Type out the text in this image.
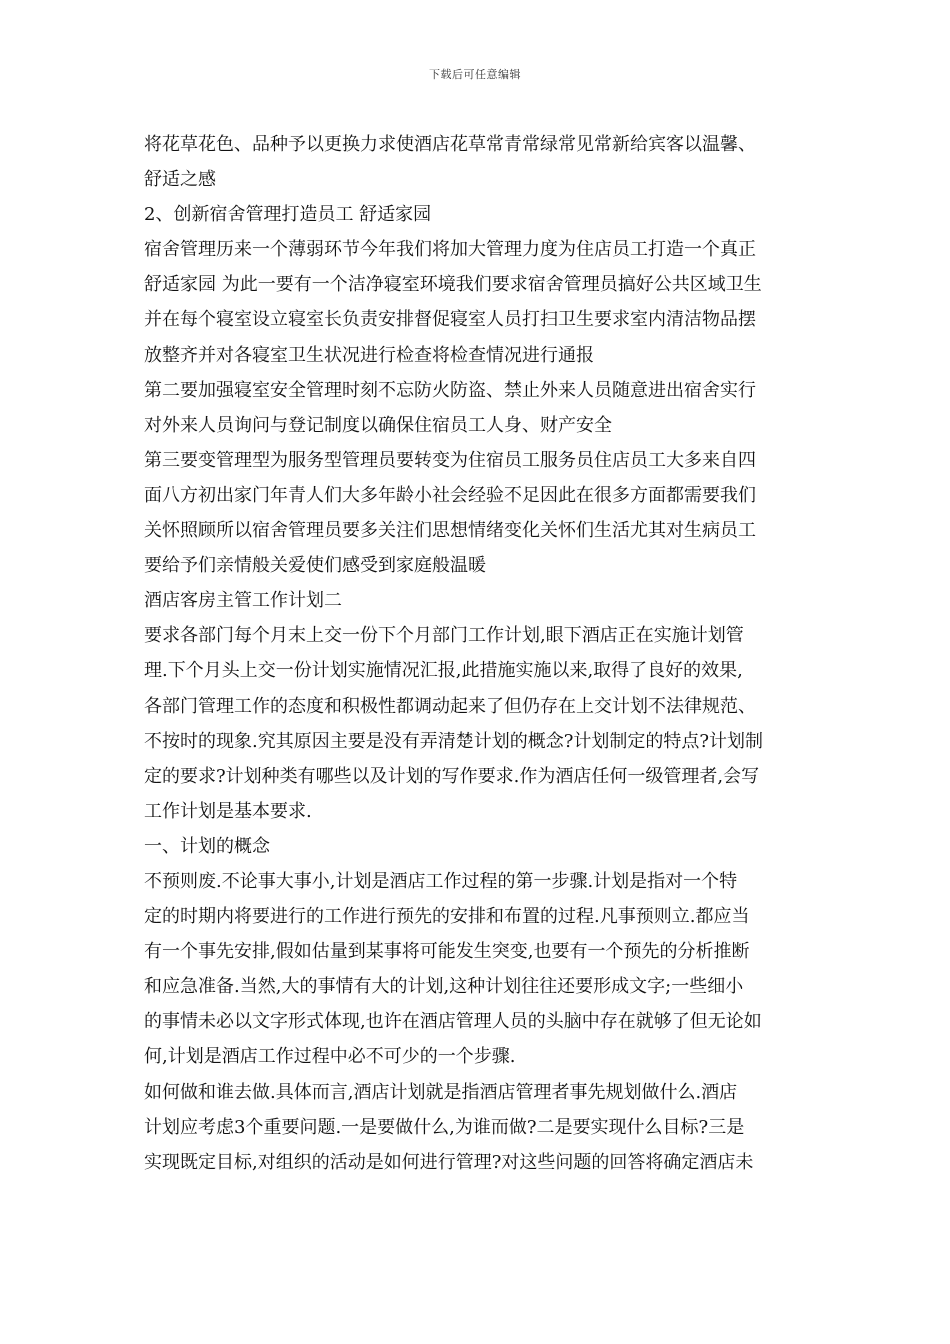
下载后可任意编辑
将花草花色、品种予以更换力求使酒店花草常青常绿常见常新给宾客以温馨、
舒适之感
2、创新宿舍管理打造员工 舒适家园
宿舍管理历来一个薄弱环节今年我们将加大管理力度为住店员工打造一个真正
舒适家园 为此一要有一个洁净寝室环境我们要求宿舍管理员搞好公共区域卫生
并在每个寝室设立寝室长负责安排督促寝室人员打扫卫生要求室内清洁物品摆
放整齐并对各寝室卫生状况进行检查将检查情况进行通报
第二要加强寝室安全管理时刻不忘防火防盗、禁止外来人员随意进出宿舍实行
对外来人员询问与登记制度以确保住宿员工人身、财产安全
第三要变管理型为服务型管理员要转变为住宿员工服务员住店员工大多来自四
面八方初出家门年青人们大多年龄小社会经验不足因此在很多方面都需要我们
关怀照顾所以宿舍管理员要多关注们思想情绪变化关怀们生活尤其对生病员工
要给予们亲情般关爱使们感受到家庭般温暖
酒店客房主管工作计划二
要求各部门每个月末上交一份下个月部门工作计划,眼下酒店正在实施计划管
理.下个月头上交一份计划实施情况汇报,此措施实施以来,取得了良好的效果,
各部门管理工作的态度和积极性都调动起来了但仍存在上交计划不法律规范、
不按时的现象.究其原因主要是没有弄清楚计划的概念?计划制定的特点?计划制
定的要求?计划种类有哪些以及计划的写作要求.作为酒店任何一级管理者,会写
工作计划是基本要求.
一、计划的概念
不预则废.不论事大事小,计划是酒店工作过程的第一步骤.计划是指对一个特
定的时期内将要进行的工作进行预先的安排和布置的过程.凡事预则立.都应当
有一个事先安排,假如估量到某事将可能发生突变,也要有一个预先的分析推断
和应急准备.当然,大的事情有大的计划,这种计划往往还要形成文字;一些细小
的事情未必以文字形式体现,也许在酒店管理人员的头脑中存在就够了但无论如
何,计划是酒店工作过程中必不可少的一个步骤.
如何做和谁去做.具体而言,酒店计划就是指酒店管理者事先规划做什么.酒店
计划应考虑3个重要问题.一是要做什么,为谁而做?二是要实现什么目标?三是
实现既定目标,对组织的活动是如何进行管理?对这些问题的回答将确定酒店未
